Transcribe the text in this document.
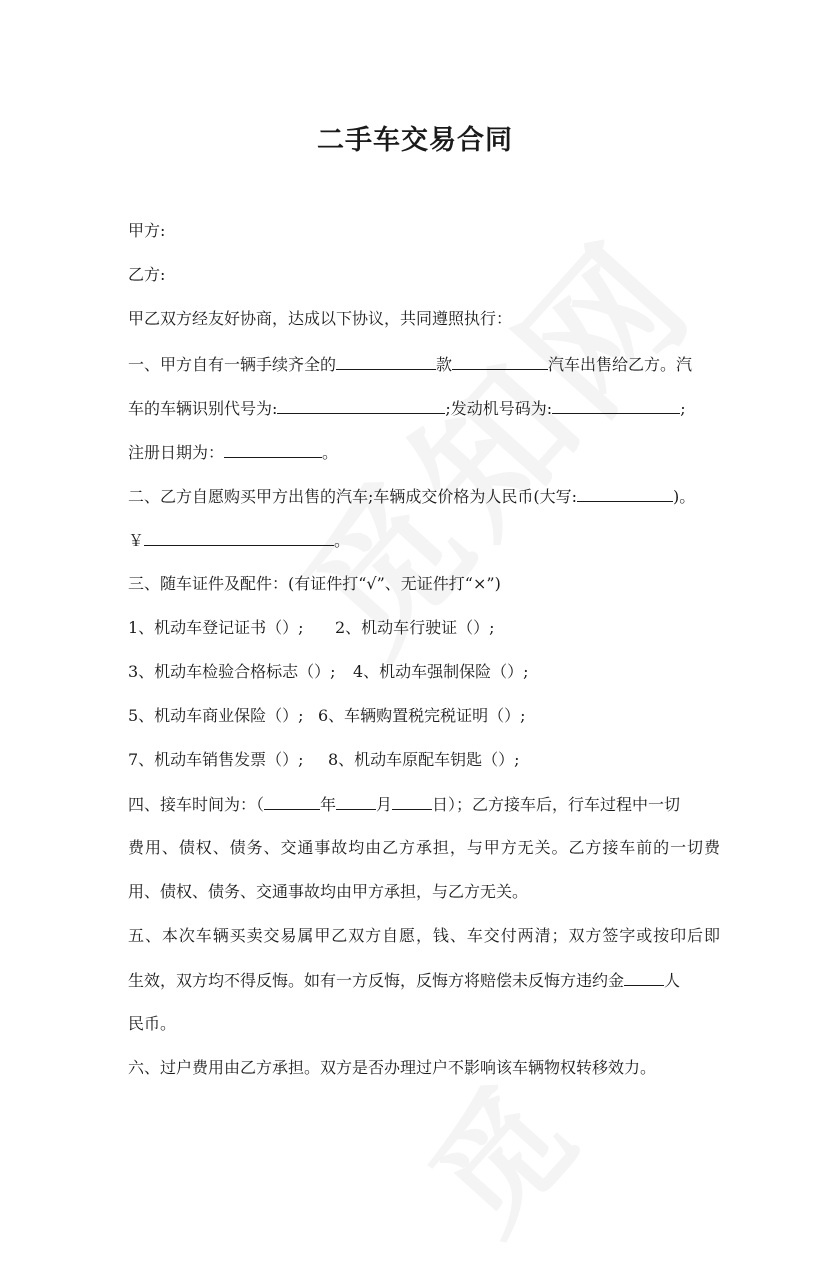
二手车交易合同
甲方:
乙方:
甲乙双方经友好协商，达成以下协议，共同遵照执行：
一、甲方自有一辆手续齐全的	款	汽车出售给乙方。汽
车的车辆识别代号为:	;发动机号码为:	;
注册日期为：	。
二、乙方自愿购买甲方出售的汽车;车辆成交价格为人民币(大写:	)。
￥	。
三、随车证件及配件：(有证件打“√”、无证件打“×”)
1、机动车登记证书（）; 2、机动车行驶证（）;
3、机动车检验合格标志（）; 4、机动车强制保险（）;
5、机动车商业保险（）; 6、车辆购置税完税证明（）;
7、机动车销售发票（）; 8、机动车原配车钥匙（）;
四、接车时间为：（	年	月	日）；乙方接车后，行车过程中一切
费用、债权、债务、交通事故均由乙方承担，与甲方无关。乙方接车前的一切费
用、债权、债务、交通事故均由甲方承担，与乙方无关。
五、本次车辆买卖交易属甲乙双方自愿，钱、车交付两清；双方签字或按印后即
生效，双方均不得反悔。如有一方反悔，反悔方将赔偿未反悔方违约金	人
民币。
六、过户费用由乙方承担。双方是否办理过户不影响该车辆物权转移效力。
